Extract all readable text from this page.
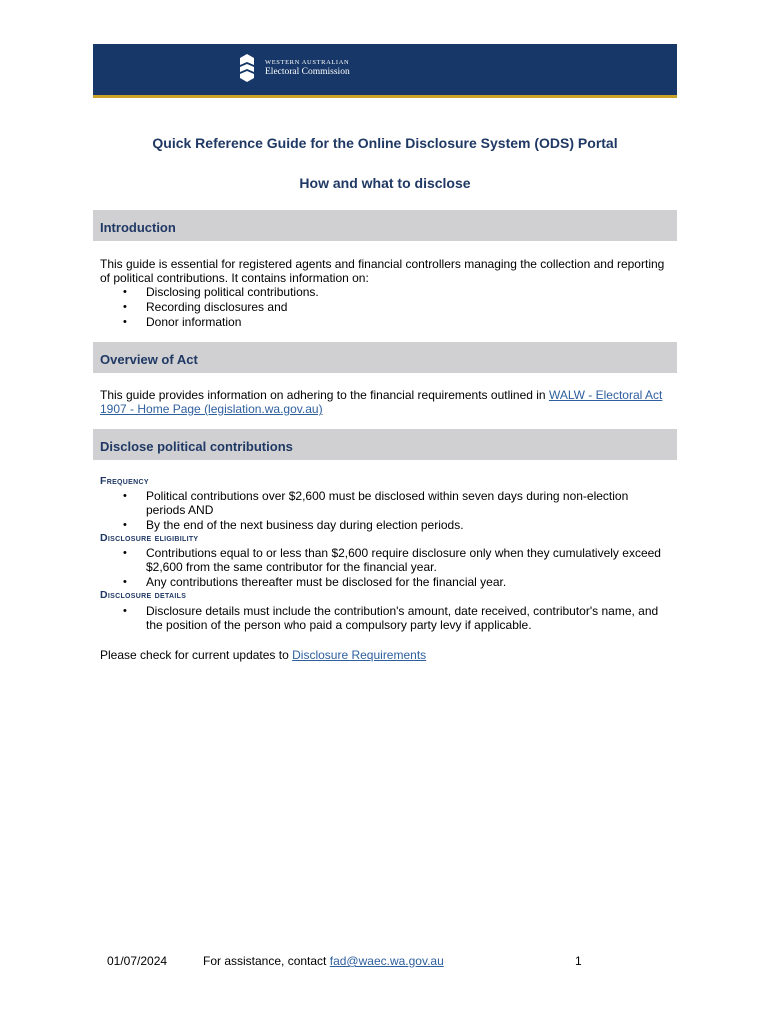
WESTERN AUSTRALIAN
Electoral Commission
Quick Reference Guide for the Online Disclosure System (ODS) Portal
How and what to disclose
Introduction

This guide is essential for registered agents and financial controllers managing the collection and reporting of political contributions. It contains information on:

• Disclosing political contributions.
• Recording disclosures and
• Donor information
Overview of Act

This guide provides information on adhering to the financial requirements outlined in WALW - Electoral Act 1907 - Home Page (legislation.wa.gov.au)

Disclose political contributions
Frequency
• Political contributions over $2,600 must be disclosed within seven days during non-election periods AND
• By the end of the next business day during election periods.
Disclosure eligibility
• Contributions equal to or less than $2,600 require disclosure only when they cumulatively exceed $2,600 from the same contributor for the financial year.
• Any contributions thereafter must be disclosed for the financial year.
Disclosure details
• Disclosure details must include the contribution's amount, date received, contributor's name, and the position of the person who paid a compulsory party levy if applicable.

Please check for current updates to Disclosure Requirements

01/07/2024	For assistance, contact fad@waec.wa.gov.au	1
